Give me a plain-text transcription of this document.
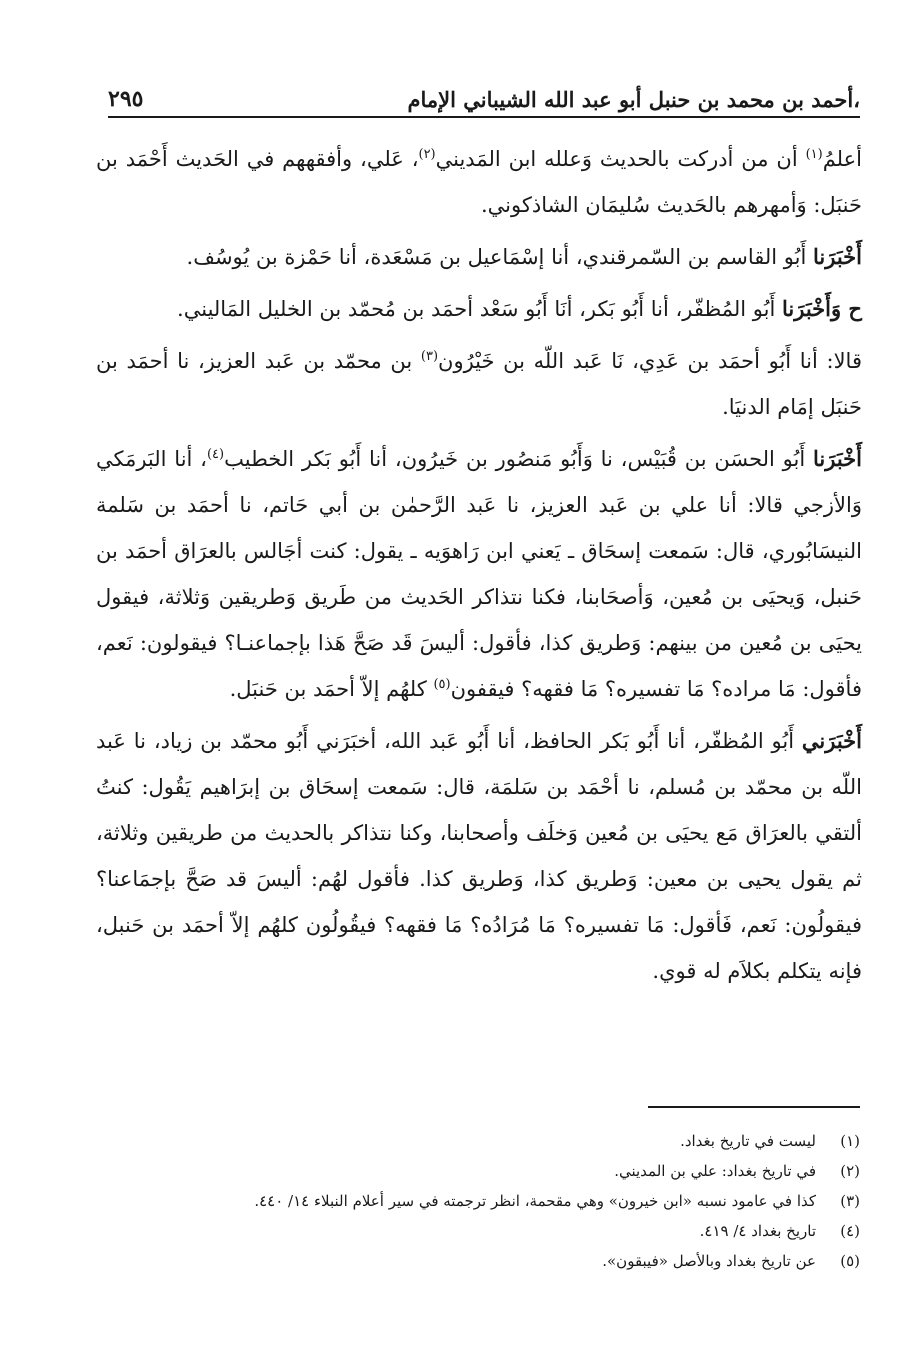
،أحمد بن محمد بن حنبل أبو عبد الله الشيباني الإمام
٢٩٥

أعلمُ$^{(١)}$ أن من أدركت بالحديث وَعلله ابن المَديني$^{(٢)}$، عَلي، وأفقههم في الحَديث أَحْمَد بن حَنبَل: وَأمهرهم بالحَديث سُليمَان الشاذكوني.

أَخْبَرَنا أَبُو القاسم بن السّمرقندي، أنا إسْمَاعيل بن مَسْعَدة، أنا حَمْزة بن يُوسُف.

ح وَأَخْبَرَنا أَبُو المُظفّر، أنا أَبُو بَكر، أنَا أَبُو سَعْد أحمَد بن مُحمّد بن الخليل المَاليني.

قالا: أنا أَبُو أحمَد بن عَدِي، نَا عَبد اللّه بن خَيْرُون$^{(٣)}$ بن محمّد بن عَبد العزيز، نا أحمَد بن حَنبَل إمَام الدنيَا.

أَخْبَرَنا أَبُو الحسَن بن قُبَيْس، نا وَأَبُو مَنصُور بن خَيرُون، أنا أَبُو بَكر الخطيب$^{(٤)}$، أنا البَرمَكي وَالأزجي قالا: أنا علي بن عَبد العزيز، نا عَبد الرَّحمٰن بن أبي حَاتم، نا أحمَد بن سَلمة النيسَابُوري، قال: سَمعت إسحَاق ـ يَعني ابن رَاهوَيه ـ يقول: كنت أجَالس بالعرَاق أحمَد بن حَنبل، وَيحيَى بن مُعين، وَأصحَابنا، فكنا نتذاكر الحَديث من طَريق وَطريقين وَثلاثة، فيقول يحيَى بن مُعين من بينهم: وَطريق كذا، فأقول: أليسَ قَد صَحَّ هَذا بإجماعنـا؟ فيقولون: نَعم، فأقول: مَا مراده؟ مَا تفسيره؟ مَا فقهه؟ فيقفون$^{(٥)}$ كلهُم إلاّ أحمَد بن حَنبَل.

أَخْبَرَني أَبُو المُظفّر، أنا أَبُو بَكر الحافظ، أنا أَبُو عَبد الله، أخبَرَني أَبُو محمّد بن زياد، نا عَبد اللّه بن محمّد بن مُسلم، نا أحْمَد بن سَلمَة، قال: سَمعت إسحَاق بن إبرَاهيم يَقُول: كنتُ ألتقي بالعرَاق مَع يحيَى بن مُعين وَخلَف وأصحابنا، وكنا نتذاكر بالحديث من طريقين وثلاثة، ثم يقول يحيى بن معين: وَطريق كذا، وَطريق كذا. فأقول لهُم: أليسَ قد صَحَّ بإجمَاعنا؟ فيقولُون: نَعم، فَأقول: مَا تفسيره؟ مَا مُرَادُه؟ مَا فقهه؟ فيقُولُون كلهُم إلاّ أحمَد بن حَنبل، فإنه يتكلم بكلاَم له قوي.

(١)
ليست في تاريخ بغداد.
(٢)
في تاريخ بغداد: علي بن المديني.
(٣)
كذا في عامود نسبه «ابن خيرون» وهي مقحمة، انظر ترجمته في سير أعلام النبلاء ١٤/ ٤٤٠.
(٤)
تاريخ بغداد ٤/ ٤١٩.
(٥)
عن تاريخ بغداد وبالأصل «فيبقون».
